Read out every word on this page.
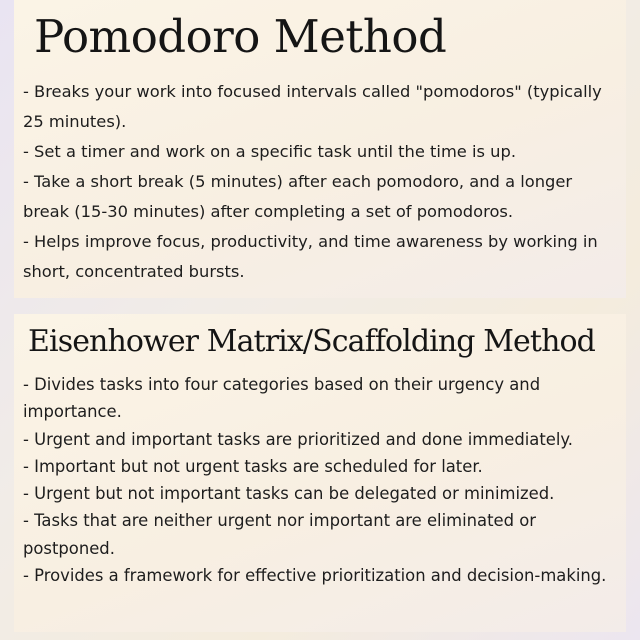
Pomodoro Method

- Breaks your work into focused intervals called "pomodoros" (typically 25 minutes).

- Set a timer and work on a specific task until the time is up.

- Take a short break (5 minutes) after each pomodoro, and a longer break (15-30 minutes) after completing a set of pomodoros.

- Helps improve focus, productivity, and time awareness by working in short, concentrated bursts.

Eisenhower Matrix/Scaffolding Method

- Divides tasks into four categories based on their urgency and importance.

- Urgent and important tasks are prioritized and done immediately.

- Important but not urgent tasks are scheduled for later.

- Urgent but not important tasks can be delegated or minimized.

- Tasks that are neither urgent nor important are eliminated or postponed.

- Provides a framework for effective prioritization and decision-making.
